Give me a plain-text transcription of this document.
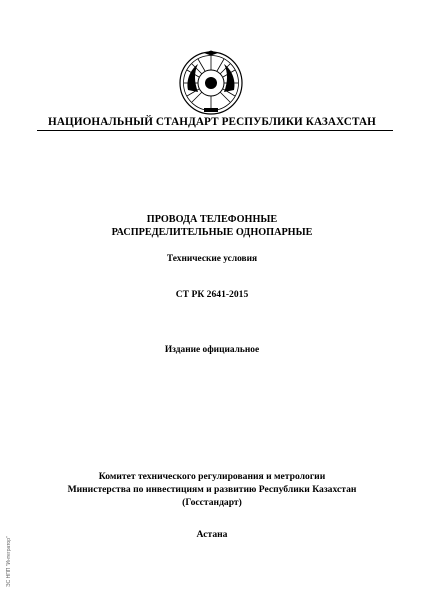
НАЦИОНАЛЬНЫЙ СТАНДАРТ РЕСПУБЛИКИ КАЗАХСТАН
ПРОВОДА ТЕЛЕФОННЫЕ
РАСПРЕДЕЛИТЕЛЬНЫЕ ОДНОПАРНЫЕ
Технические условия
СТ РК 2641-2015
Издание официальное
Комитет технического регулирования и метрологии
Министерства по инвестициям и развитию Республики Казахстан
(Госстандарт)
Астана
ЭС НПП "Интегратор"
